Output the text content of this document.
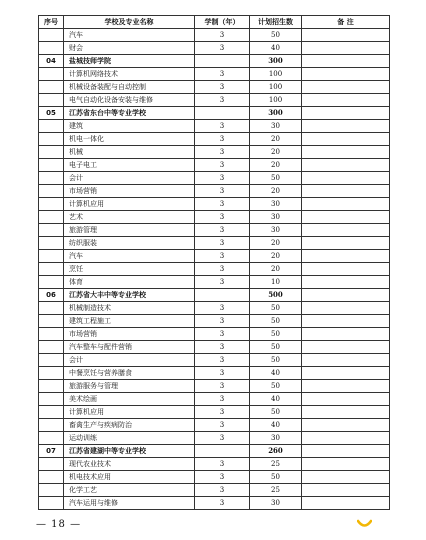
序号	学校及专业名称	学制（年）	计划招生数	备 注
	汽车	3	50	
	财会	3	40	
04	盐城技师学院		300	
	计算机网络技术	3	100	
	机械设备装配与自动控制	3	100	
	电气自动化设备安装与维修	3	100	
05	江苏省东台中等专业学校		300	
	建筑	3	30	
	机电一体化	3	20	
	机械	3	20	
	电子电工	3	20	
	会计	3	50	
	市场营销	3	20	
	计算机应用	3	30	
	艺术	3	30	
	旅游管理	3	30	
	纺织服装	3	20	
	汽车	3	20	
	烹饪	3	20	
	体育	3	10	
06	江苏省大丰中等专业学校		500	
	机械制造技术	3	50	
	建筑工程施工	3	50	
	市场营销	3	50	
	汽车整车与配件营销	3	50	
	会计	3	50	
	中餐烹饪与营养膳食	3	40	
	旅游服务与管理	3	50	
	美术绘画	3	40	
	计算机应用	3	50	
	畜禽生产与疾病防治	3	40	
	运动训练	3	30	
07	江苏省建湖中等专业学校		260	
	现代农业技术	3	25	
	机电技术应用	3	50	
	化学工艺	3	25	
	汽车运用与维修	3	30	
— 18 —
